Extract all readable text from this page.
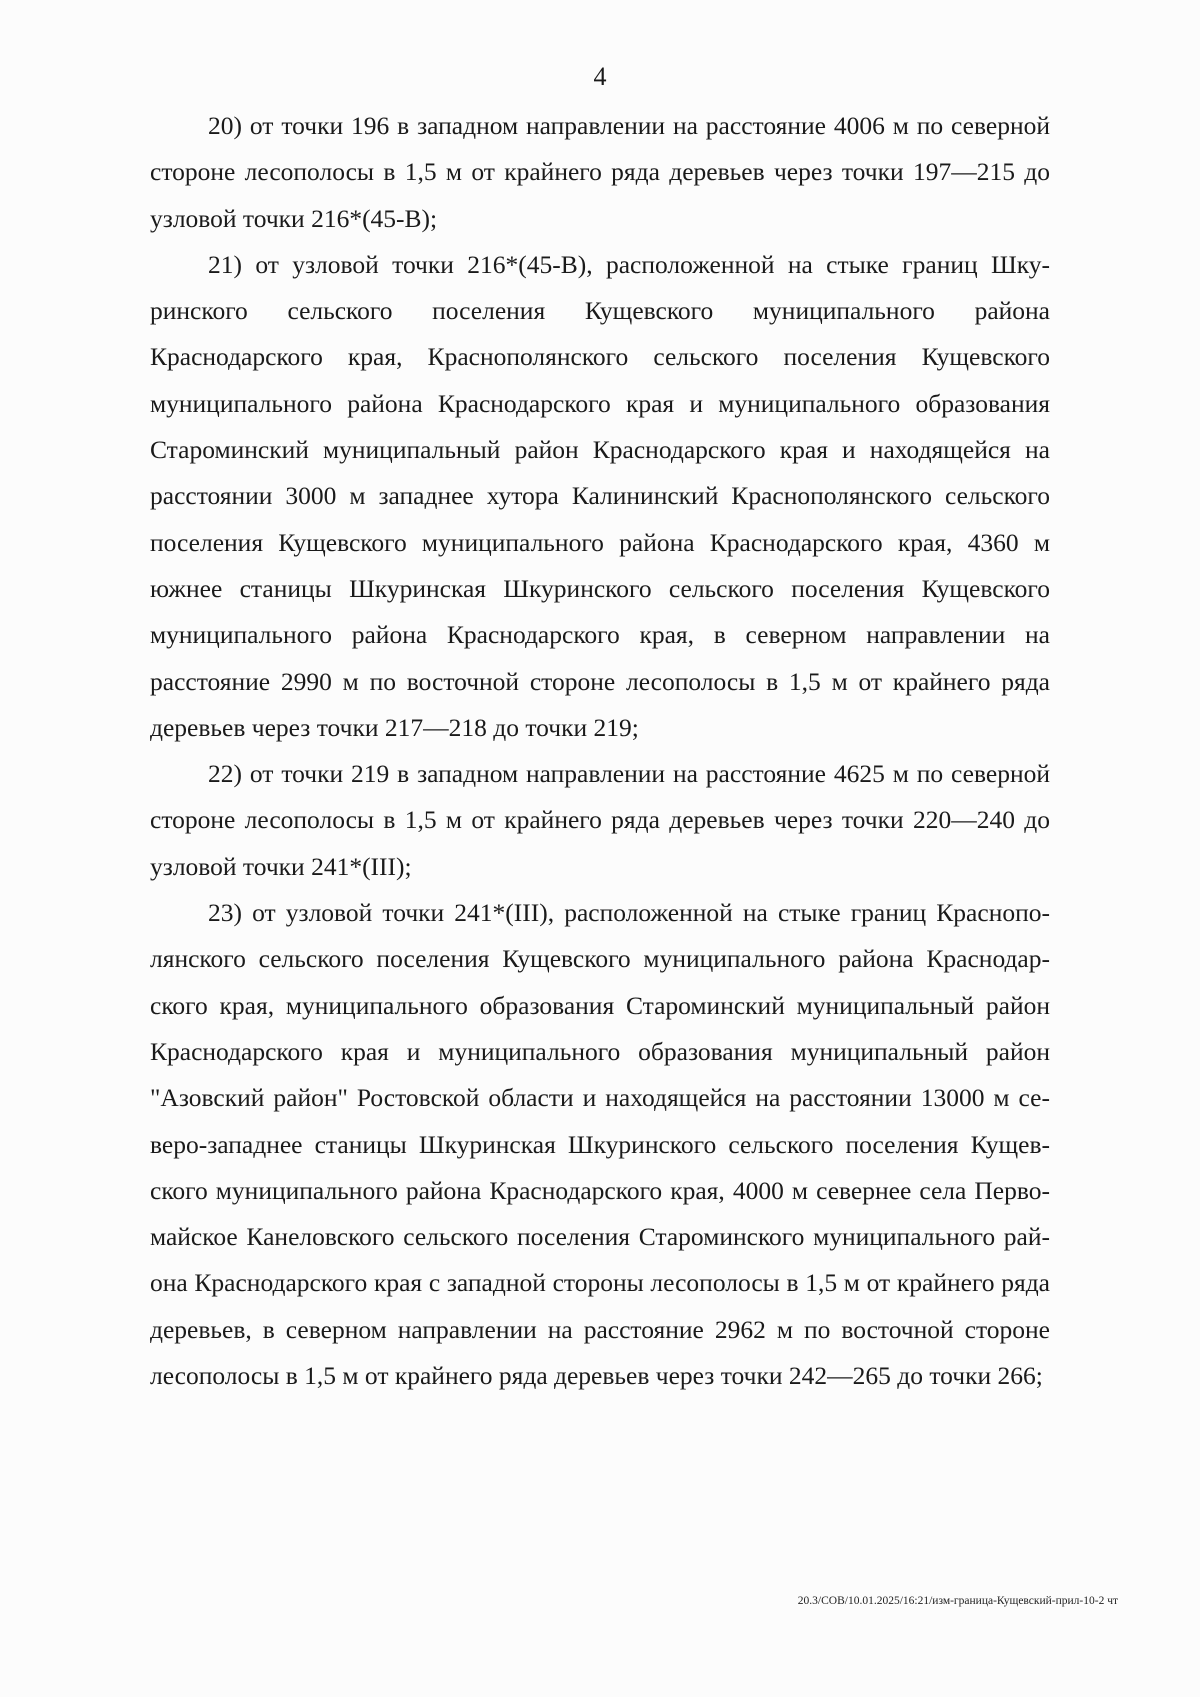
4

20) от точки 196 в западном направлении на расстояние 4006 м по северной стороне лесополосы в 1,5 м от крайнего ряда деревьев через точки 197—215 до узловой точки 216*(45-В);

21) от узловой точки 216*(45-В), расположенной на стыке границ Шкуринского сельского поселения Кущевского муниципального района Краснодарского края, Краснополянского сельского поселения Кущевского муниципального района Краснодарского края и муниципального образования Староминский муниципальный район Краснодарского края и находящейся на расстоянии 3000 м западнее хутора Калининский Краснополянского сельского поселения Кущевского муниципального района Краснодарского края, 4360 м южнее станицы Шкуринская Шкуринского сельского поселения Кущевского муниципального района Краснодарского края, в северном направлении на расстояние 2990 м по восточной стороне лесополосы в 1,5 м от крайнего ряда деревьев через точки 217—218 до точки 219;

22) от точки 219 в западном направлении на расстояние 4625 м по северной стороне лесополосы в 1,5 м от крайнего ряда деревьев через точки 220—240 до узловой точки 241*(III);

23) от узловой точки 241*(III), расположенной на стыке границ Краснополянского сельского поселения Кущевского муниципального района Краснодарского края, муниципального образования Староминский муниципальный район Краснодарского края и муниципального образования муниципальный район "Азовский район" Ростовской области и находящейся на расстоянии 13000 м северо-западнее станицы Шкуринская Шкуринского сельского поселения Кущевского муниципального района Краснодарского края, 4000 м севернее села Первомайское Канеловского сельского поселения Староминского муниципального района Краснодарского края с западной стороны лесополосы в 1,5 м от крайнего ряда деревьев, в северном направлении на расстояние 2962 м по восточной стороне лесополосы в 1,5 м от крайнего ряда деревьев через точки 242—265 до точки 266;

20.3/СОВ/10.01.2025/16:21/изм-граница-Кущевский-прил-10-2 чт
